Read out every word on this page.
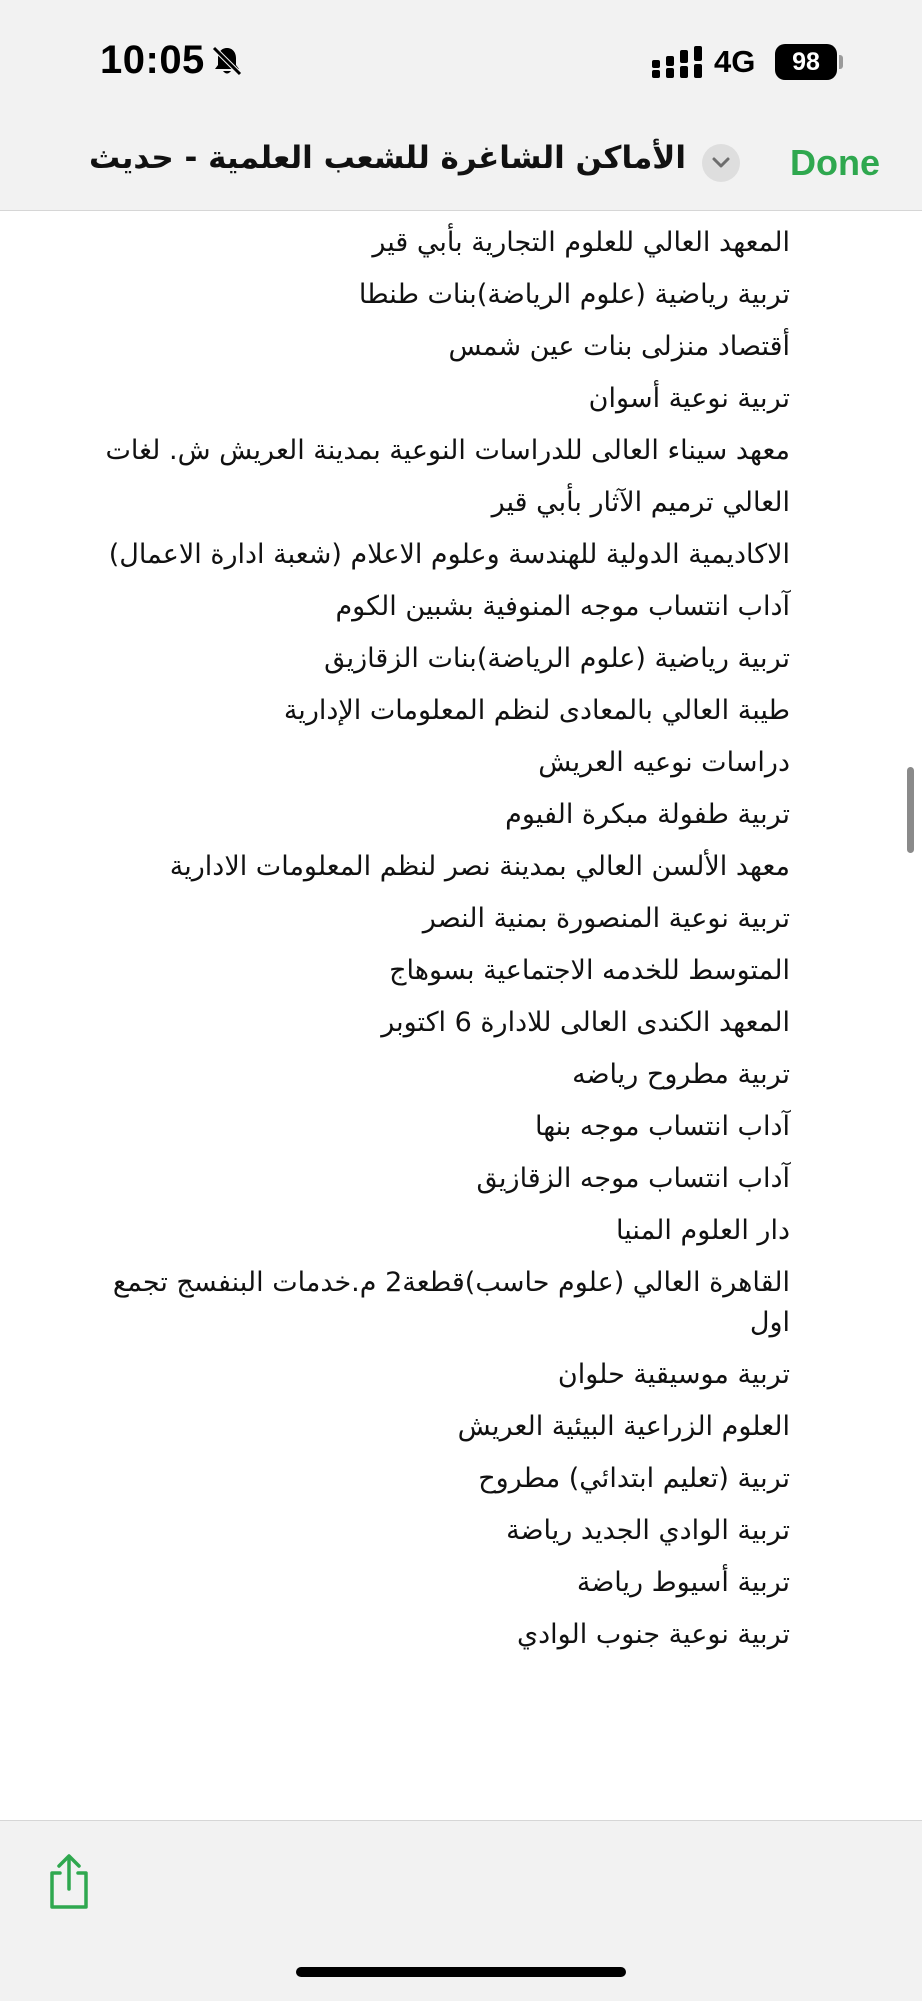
10:05	4G	98
الأماكن الشاغرة للشعب العلمية - حديث	Done
المعهد العالي للعلوم التجارية بأبي قير
تربية رياضية (علوم الرياضة)بنات طنطا
أقتصاد منزلى بنات عين شمس
تربية نوعية أسوان
معهد سيناء العالى للدراسات النوعية بمدينة العريش ش. لغات
العالي ترميم الآثار بأبي قير
الاكاديمية الدولية للهندسة وعلوم الاعلام (شعبة ادارة الاعمال)
آداب انتساب موجه المنوفية بشبين الكوم
تربية رياضية (علوم الرياضة)بنات الزقازيق
طيبة العالي بالمعادى لنظم المعلومات الإدارية
دراسات نوعيه العريش
تربية طفولة مبكرة الفيوم
معهد الألسن العالي بمدينة نصر لنظم المعلومات الادارية
تربية نوعية المنصورة بمنية النصر
المتوسط للخدمه الاجتماعية بسوهاج
المعهد الكندى العالى للادارة 6 اكتوبر
تربية مطروح رياضه
آداب انتساب موجه بنها
آداب انتساب موجه الزقازيق
دار العلوم المنيا
القاهرة العالي (علوم حاسب)قطعة2 م.خدمات البنفسج تجمع اول
تربية موسيقية حلوان
العلوم الزراعية البيئية العريش
تربية (تعليم ابتدائي) مطروح
تربية الوادي الجديد رياضة
تربية أسيوط رياضة
تربية نوعية جنوب الوادي
